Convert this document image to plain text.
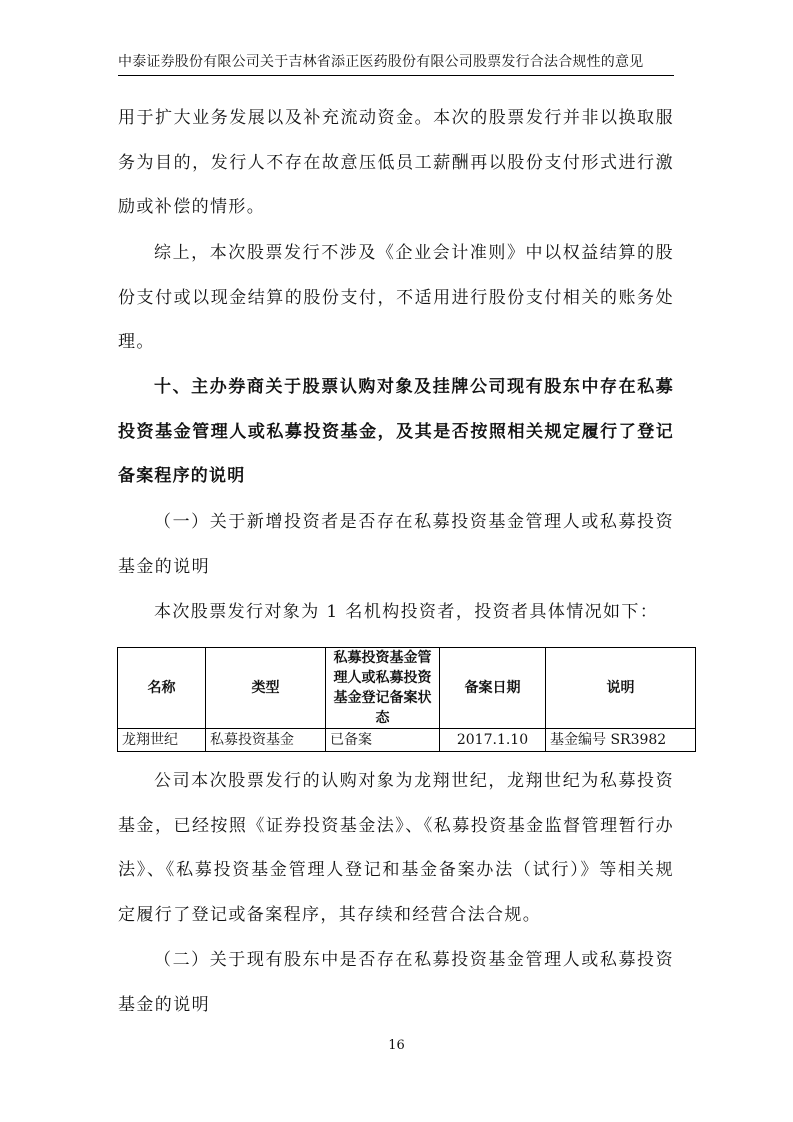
中泰证券股份有限公司关于吉林省添正医药股份有限公司股票发行合法合规性的意见
用于扩大业务发展以及补充流动资金。本次的股票发行并非以换取服务为目的，发行人不存在故意压低员工薪酬再以股份支付形式进行激励或补偿的情形。
综上，本次股票发行不涉及《企业会计准则》中以权益结算的股份支付或以现金结算的股份支付，不适用进行股份支付相关的账务处理。
十、主办券商关于股票认购对象及挂牌公司现有股东中存在私募投资基金管理人或私募投资基金，及其是否按照相关规定履行了登记备案程序的说明
（一）关于新增投资者是否存在私募投资基金管理人或私募投资基金的说明
本次股票发行对象为 1 名机构投资者，投资者具体情况如下：
名称	类型	私募投资基金管理人或私募投资基金登记备案状态	备案日期	说明
龙翔世纪	私募投资基金	已备案	2017.1.10	基金编号 SR3982
公司本次股票发行的认购对象为龙翔世纪，龙翔世纪为私募投资基金，已经按照《证券投资基金法》、《私募投资基金监督管理暂行办法》、《私募投资基金管理人登记和基金备案办法（试行）》等相关规定履行了登记或备案程序，其存续和经营合法合规。
（二）关于现有股东中是否存在私募投资基金管理人或私募投资基金的说明
16
